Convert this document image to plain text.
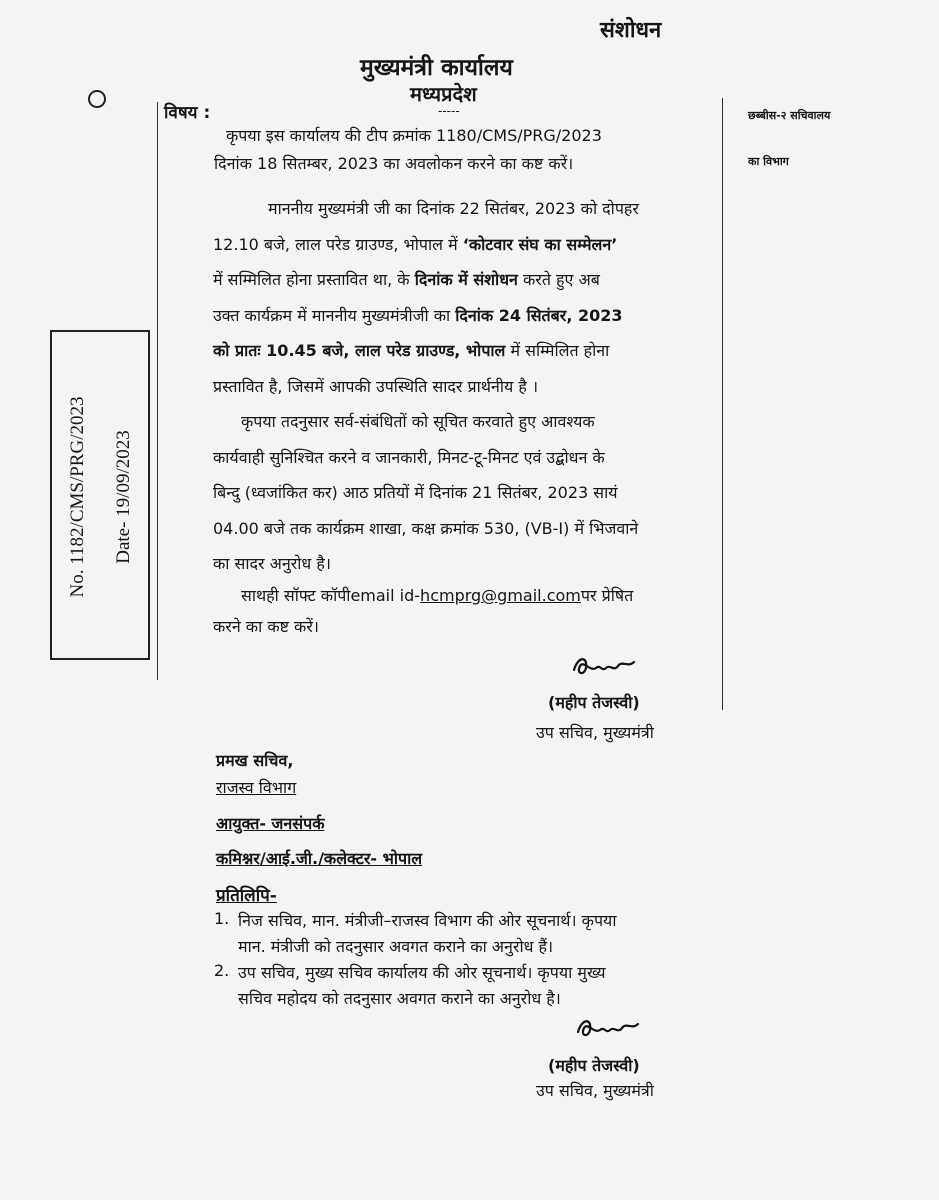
संशोधन
मुख्यमंत्री कार्यालय
मध्यप्रदेश
-----	छब्बीस-२ सचिवालय
का विभाग
No. 1182/CMS/PRG/2023 Date- 19/09/2023
विषय :
कृपया इस कार्यालय की टीप क्रमांक 1180/CMS/PRG/2023
दिनांक 18 सितम्बर, 2023 का अवलोकन करने का कष्ट करें।
माननीय मुख्यमंत्री जी का दिनांक 22 सितंबर, 2023 को दोपहर
12.10 बजे, लाल परेड ग्राउण्ड, भोपाल में ‘कोटवार संघ का सम्मेलन’
में सम्मिलित होना प्रस्तावित था, के दिनांक में संशोधन करते हुए अब
उक्त कार्यक्रम में माननीय मुख्यमंत्रीजी का दिनांक 24 सितंबर, 2023
को प्रातः 10.45 बजे, लाल परेड ग्राउण्ड, भोपाल में सम्मिलित होना
प्रस्तावित है, जिसमें आपकी उपस्थिति सादर प्रार्थनीय है ।
कृपया तदनुसार सर्व-संबंधितों को सूचित करवाते हुए आवश्यक
कार्यवाही सुनिश्चित करने व जानकारी, मिनट-टू-मिनट एवं उद्बोधन के
बिन्दु (ध्वजांकित कर) आठ प्रतियों में दिनांक 21 सितंबर, 2023 सायं
04.00 बजे तक कार्यक्रम शाखा, कक्ष क्रमांक 530, (VB-I) में भिजवाने
का सादर अनुरोध है।
साथही सॉफ्ट कॉपीemail id-hcmprg@gmail.comपर प्रेषित
करने का कष्ट करें।
(महीप तेजस्वी)
उप सचिव, मुख्यमंत्री
प्रमख सचिव,
राजस्व विभाग
आयुक्त- जनसंपर्क
कमिश्नर/आई.जी./कलेक्टर- भोपाल
प्रतिलिपि-
1. निज सचिव, मान. मंत्रीजी–राजस्व विभाग की ओर सूचनार्थ। कृपया
मान. मंत्रीजी को तदनुसार अवगत कराने का अनुरोध हैं।
2. उप सचिव, मुख्य सचिव कार्यालय की ओर सूचनार्थ। कृपया मुख्य
सचिव महोदय को तदनुसार अवगत कराने का अनुरोध है।
(महीप तेजस्वी)
उप सचिव, मुख्यमंत्री
